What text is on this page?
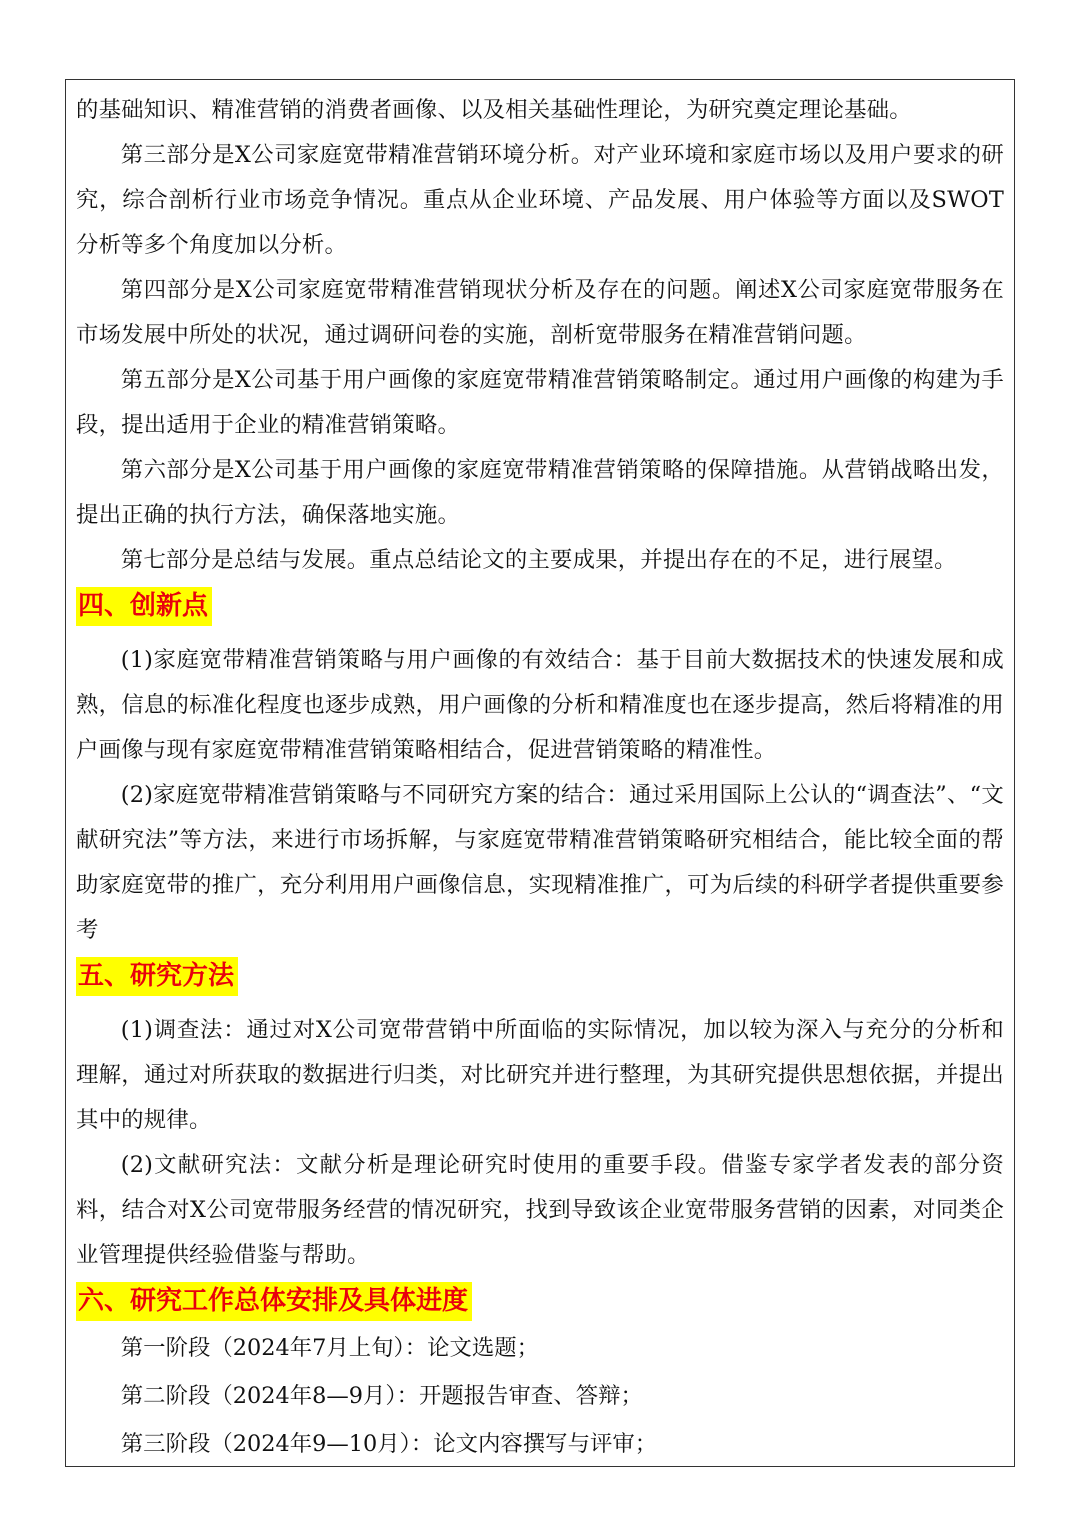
的基础知识、精准营销的消费者画像、以及相关基础性理论，为研究奠定理论基础。

第三部分是X公司家庭宽带精准营销环境分析。对产业环境和家庭市场以及用户要求的研究，综合剖析行业市场竞争情况。重点从企业环境、产品发展、用户体验等方面以及SWOT分析等多个角度加以分析。

第四部分是X公司家庭宽带精准营销现状分析及存在的问题。阐述X公司家庭宽带服务在市场发展中所处的状况，通过调研问卷的实施，剖析宽带服务在精准营销问题。

第五部分是X公司基于用户画像的家庭宽带精准营销策略制定。通过用户画像的构建为手段，提出适用于企业的精准营销策略。

第六部分是X公司基于用户画像的家庭宽带精准营销策略的保障措施。从营销战略出发，提出正确的执行方法，确保落地实施。

第七部分是总结与发展。重点总结论文的主要成果，并提出存在的不足，进行展望。

四、创新点

(1)家庭宽带精准营销策略与用户画像的有效结合：基于目前大数据技术的快速发展和成熟，信息的标准化程度也逐步成熟，用户画像的分析和精准度也在逐步提高，然后将精准的用户画像与现有家庭宽带精准营销策略相结合，促进营销策略的精准性。

(2)家庭宽带精准营销策略与不同研究方案的结合：通过采用国际上公认的“调查法”、“文献研究法”等方法，来进行市场拆解，与家庭宽带精准营销策略研究相结合，能比较全面的帮助家庭宽带的推广，充分利用用户画像信息，实现精准推广，可为后续的科研学者提供重要参考

五、研究方法

(1)调查法：通过对X公司宽带营销中所面临的实际情况，加以较为深入与充分的分析和理解，通过对所获取的数据进行归类，对比研究并进行整理，为其研究提供思想依据，并提出其中的规律。

(2)文献研究法：文献分析是理论研究时使用的重要手段。借鉴专家学者发表的部分资料，结合对X公司宽带服务经营的情况研究，找到导致该企业宽带服务营销的因素，对同类企业管理提供经验借鉴与帮助。

六、研究工作总体安排及具体进度

第一阶段（2024年7月上旬）：论文选题；

第二阶段（2024年8—9月）：开题报告审查、答辩；

第三阶段（2024年9—10月）：论文内容撰写与评审；
